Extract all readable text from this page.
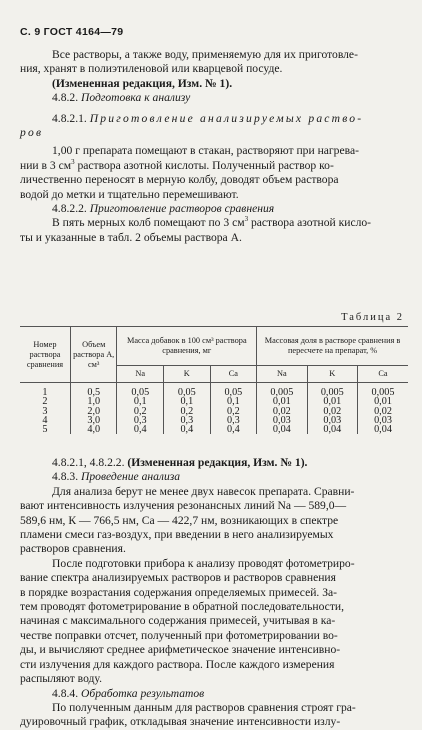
С. 9 ГОСТ 4164—79

Все растворы, а также воду, применяемую для их приготовле-

ния, хранят в полиэтиленовой или кварцевой посуде.

(Измененная редакция, Изм. № 1).

4.8.2. Подготовка к анализу

4.8.2.1. Приготовление анализируемых раство-

ров

1,00 г препарата помещают в стакан, растворяют при нагрева-

нии в 3 $см^3$ раствора азотной кислоты. Полученный раствор ко-

личественно переносят в мерную колбу, доводят объем раствора

водой до метки и тщательно перемешивают.

4.8.2.2. Приготовление растворов сравнения

В пять мерных колб помещают по 3 $см^3$ раствора азотной кисло-

ты и указанные в табл. 2 объемы раствора А.

Таблица 2
Номер раствора сравнения	Объем раствора А, см³	Масса добавок в 100 см³ раствора сравнения, мг			Массовая доля в растворе сравнения в пересчете на препарат, %		
		Na	K	Ca	Na	K	Ca
1	0,5	0,05	0,05	0,05	0,005	0,005	0,005
2	1,0	0,1	0,1	0,1	0,01	0,01	0,01
3	2,0	0,2	0,2	0,2	0,02	0,02	0,02
4	3,0	0,3	0,3	0,3	0,03	0,03	0,03
5	4,0	0,4	0,4	0,4	0,04	0,04	0,04

4.8.2.1, 4.8.2.2. (Измененная редакция, Изм. № 1).

4.8.3. Проведение анализа

Для анализа берут не менее двух навесок препарата. Сравни-

вают интенсивность излучения резонансных линий Na — 589,0—

589,6 нм, К — 766,5 нм, Са — 422,7 нм, возникающих в спектре

пламени смеси газ-воздух, при введении в него анализируемых

растворов сравнения.

После подготовки прибора к анализу проводят фотометриро-

вание спектра анализируемых растворов и растворов сравнения

в порядке возрастания содержания определяемых примесей. За-

тем проводят фотометрирование в обратной последовательности,

начиная с максимального содержания примесей, учитывая в ка-

честве поправки отсчет, полученный при фотометрировании во-

ды, и вычисляют среднее арифметическое значение интенсивно-

сти излучения для каждого раствора. После каждого измерения

распыляют воду.

4.8.4. Обработка результатов

По полученным данным для растворов сравнения строят гра-

дуировочный график, откладывая значение интенсивности излу-
